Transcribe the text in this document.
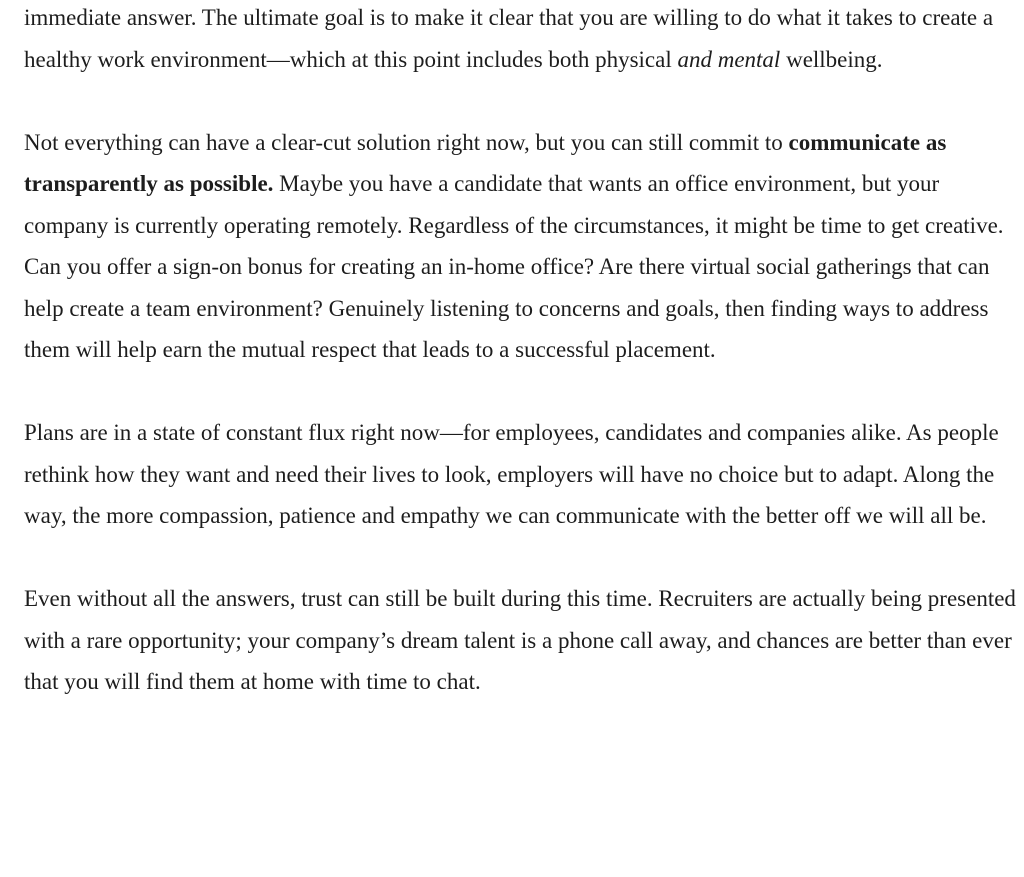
immediate answer. The ultimate goal is to make it clear that you are willing to do what it takes to create a healthy work environment—which at this point includes both physical and mental wellbeing.

Not everything can have a clear-cut solution right now, but you can still commit to communicate as transparently as possible. Maybe you have a candidate that wants an office environment, but your company is currently operating remotely. Regardless of the circumstances, it might be time to get creative. Can you offer a sign-on bonus for creating an in-home office? Are there virtual social gatherings that can help create a team environment? Genuinely listening to concerns and goals, then finding ways to address them will help earn the mutual respect that leads to a successful placement.

Plans are in a state of constant flux right now—for employees, candidates and companies alike. As people rethink how they want and need their lives to look, employers will have no choice but to adapt. Along the way, the more compassion, patience and empathy we can communicate with the better off we will all be.

Even without all the answers, trust can still be built during this time. Recruiters are actually being presented with a rare opportunity; your company’s dream talent is a phone call away, and chances are better than ever that you will find them at home with time to chat.
